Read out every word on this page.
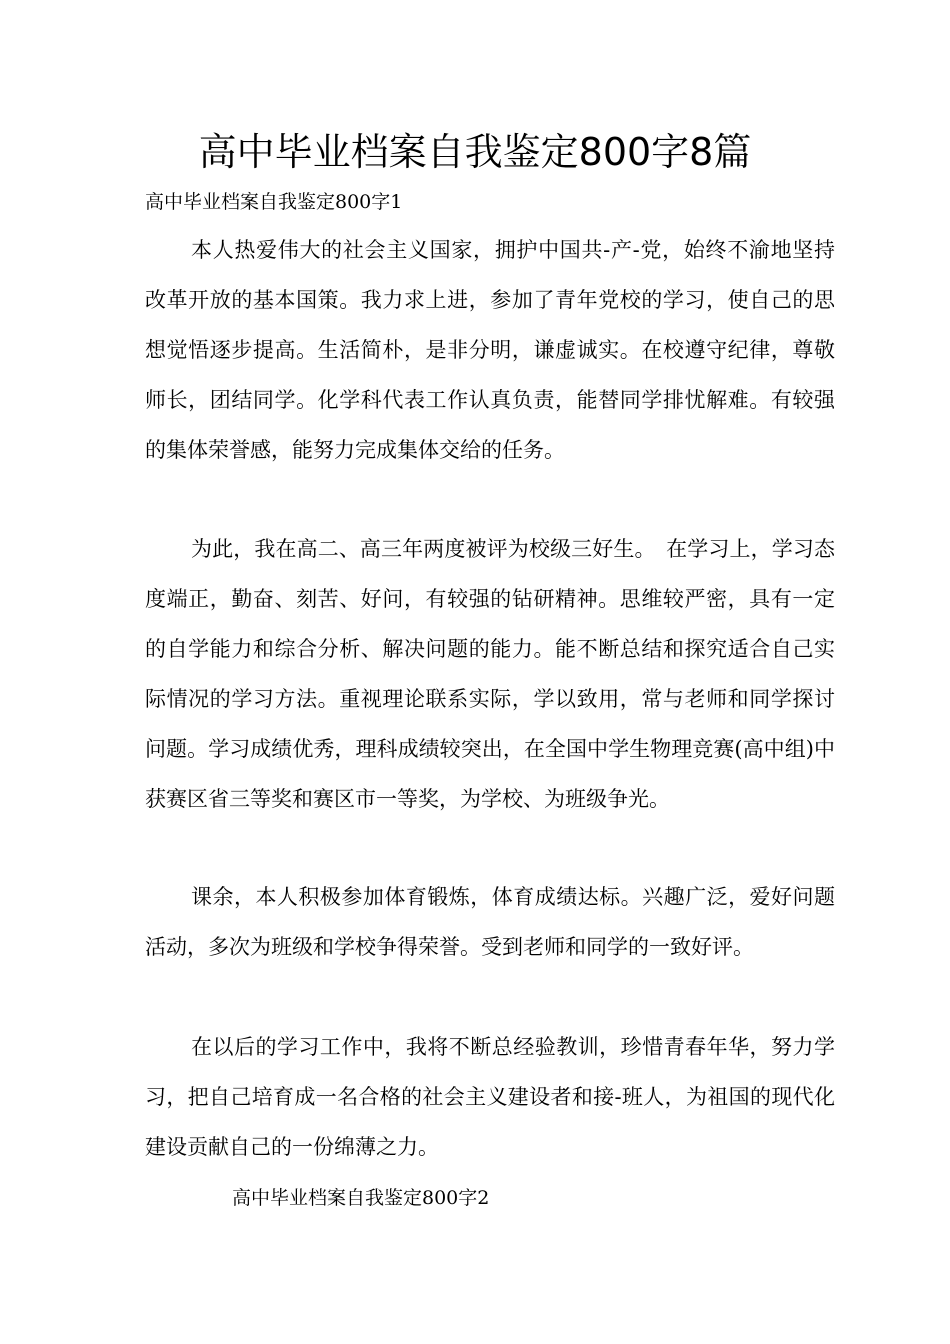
高中毕业档案自我鉴定800字8篇
高中毕业档案自我鉴定800字1

本人热爱伟大的社会主义国家，拥护中国共-产-党，始终不渝地坚持改革开放的基本国策。我力求上进，参加了青年党校的学习，使自己的思想觉悟逐步提高。生活简朴，是非分明，谦虚诚实。在校遵守纪律，尊敬师长，团结同学。化学科代表工作认真负责，能替同学排忧解难。有较强的集体荣誉感，能努力完成集体交给的任务。

为此，我在高二、高三年两度被评为校级三好生。　在学习上，学习态度端正，勤奋、刻苦、好问，有较强的钻研精神。思维较严密，具有一定的自学能力和综合分析、解决问题的能力。能不断总结和探究适合自己实际情况的学习方法。重视理论联系实际，学以致用，常与老师和同学探讨问题。学习成绩优秀，理科成绩较突出，在全国中学生物理竞赛(高中组)中获赛区省三等奖和赛区市一等奖，为学校、为班级争光。

课余，本人积极参加体育锻炼，体育成绩达标。兴趣广泛，爱好问题活动，多次为班级和学校争得荣誉。受到老师和同学的一致好评。

在以后的学习工作中，我将不断总经验教训，珍惜青春年华，努力学习，把自己培育成一名合格的社会主义建设者和接-班人，为祖国的现代化建设贡献自己的一份绵薄之力。

高中毕业档案自我鉴定800字2
